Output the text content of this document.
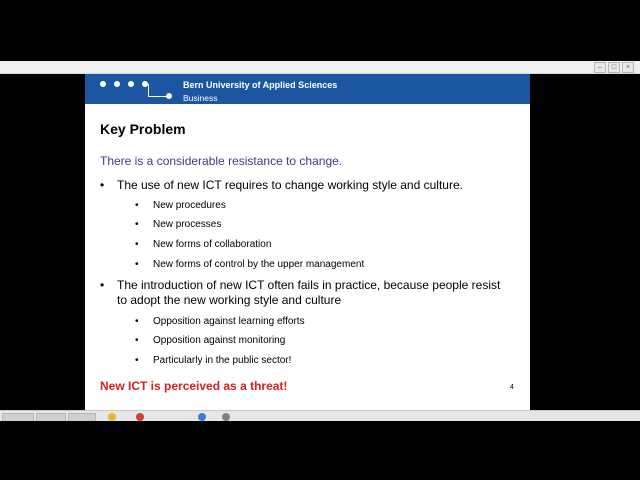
–	□	×
Bern University of Applied Sciences
Business
Key Problem
There is a considerable resistance to change.
• The use of new ICT requires to change working style and culture.
• New procedures
• New processes
• New forms of collaboration
• New forms of control by the upper management
• The introduction of new ICT often fails in practice, because people resist to adopt the new working style and culture
• Opposition against learning efforts
• Opposition against monitoring
• Particularly in the public sector!
New ICT is perceived as a threat!	4
